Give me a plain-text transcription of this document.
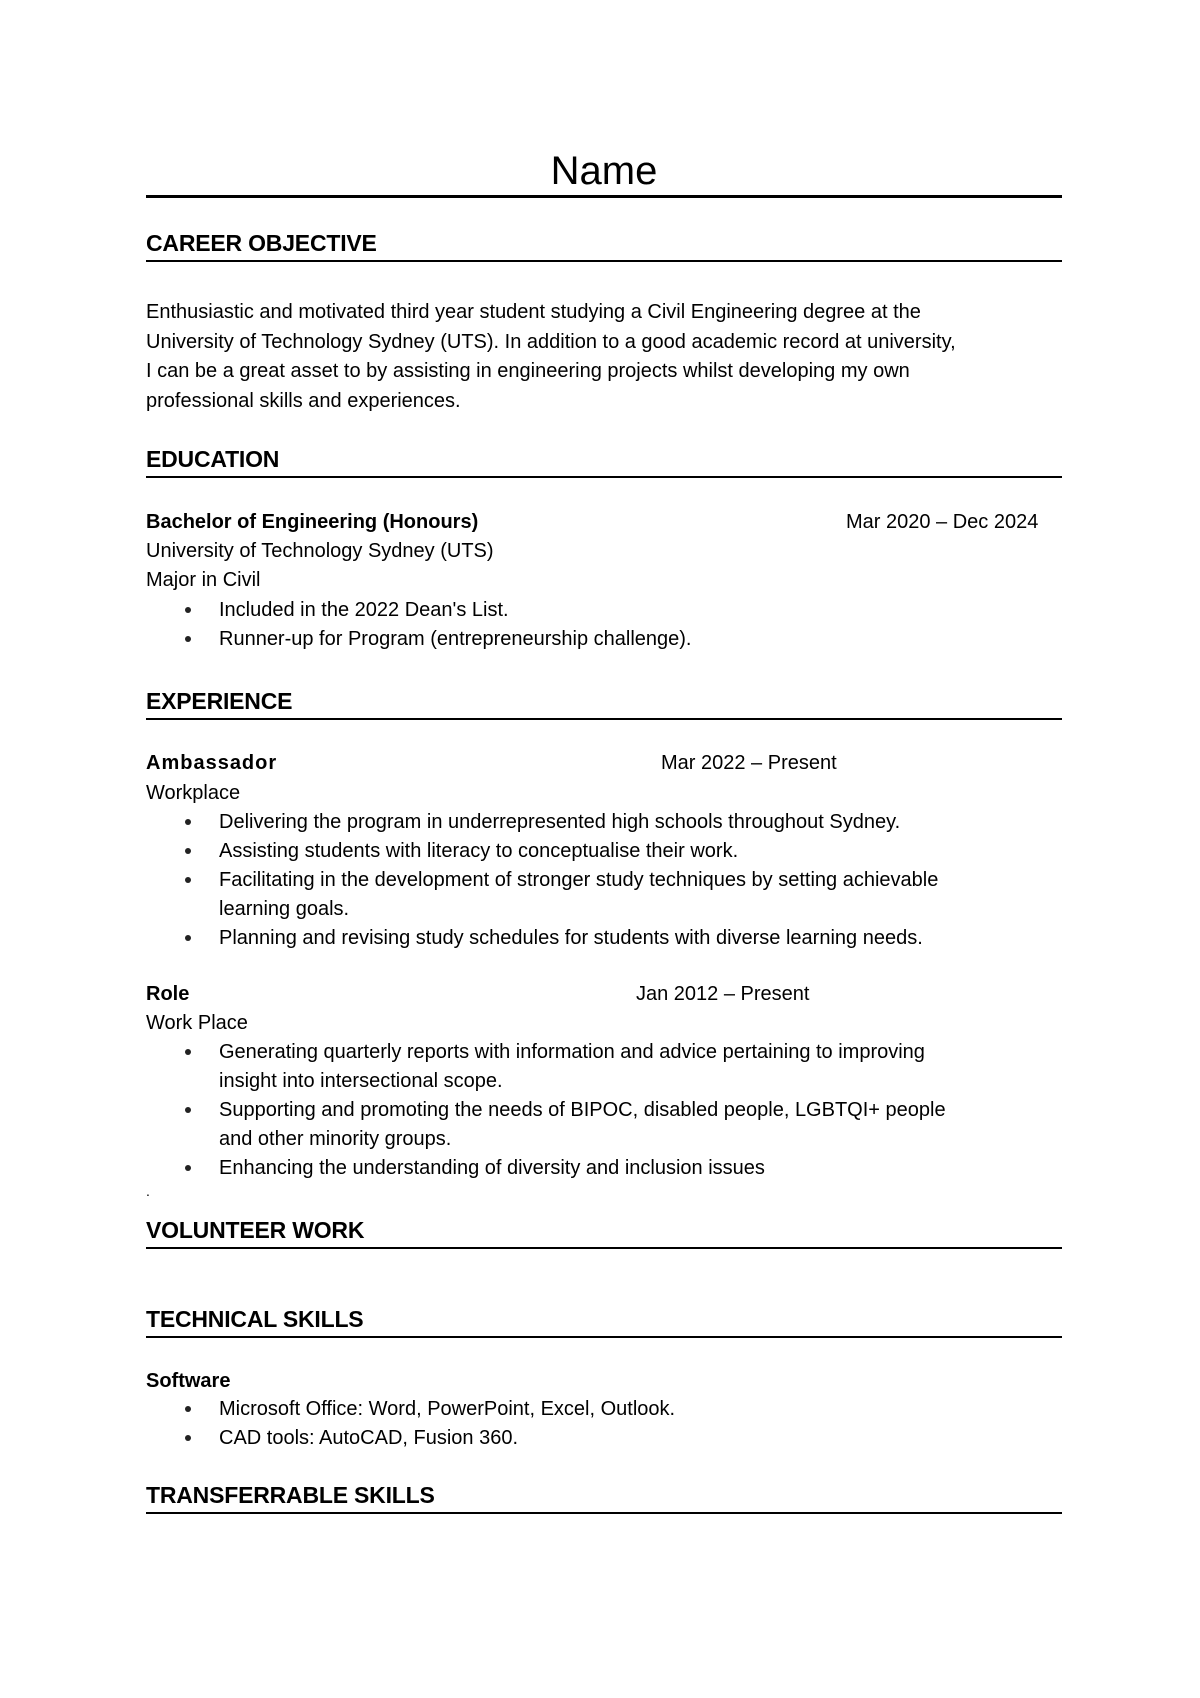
Name
CAREER OBJECTIVE
Enthusiastic and motivated third year student studying a Civil Engineering degree at the
University of Technology Sydney (UTS). In addition to a good academic record at university,
I can be a great asset to by assisting in engineering projects whilst developing my own
professional skills and experiences.
EDUCATION
Bachelor of Engineering (Honours)	Mar 2020 – Dec 2024
University of Technology Sydney (UTS)
Major in Civil
Included in the 2022 Dean's List.
Runner-up for Program (entrepreneurship challenge).
EXPERIENCE
Ambassador	Mar 2022 – Present
Workplace
Delivering the program in underrepresented high schools throughout Sydney.
Assisting students with literacy to conceptualise their work.
Facilitating in the development of stronger study techniques by setting achievable
learning goals.
Planning and revising study schedules for students with diverse learning needs.
Role	Jan 2012 – Present
Work Place
Generating quarterly reports with information and advice pertaining to improving
insight into intersectional scope.
Supporting and promoting the needs of BIPOC, disabled people, LGBTQI+ people
and other minority groups.
Enhancing the understanding of diversity and inclusion issues
.
VOLUNTEER WORK
TECHNICAL SKILLS
Software
Microsoft Office: Word, PowerPoint, Excel, Outlook.
CAD tools: AutoCAD, Fusion 360.
TRANSFERRABLE SKILLS
